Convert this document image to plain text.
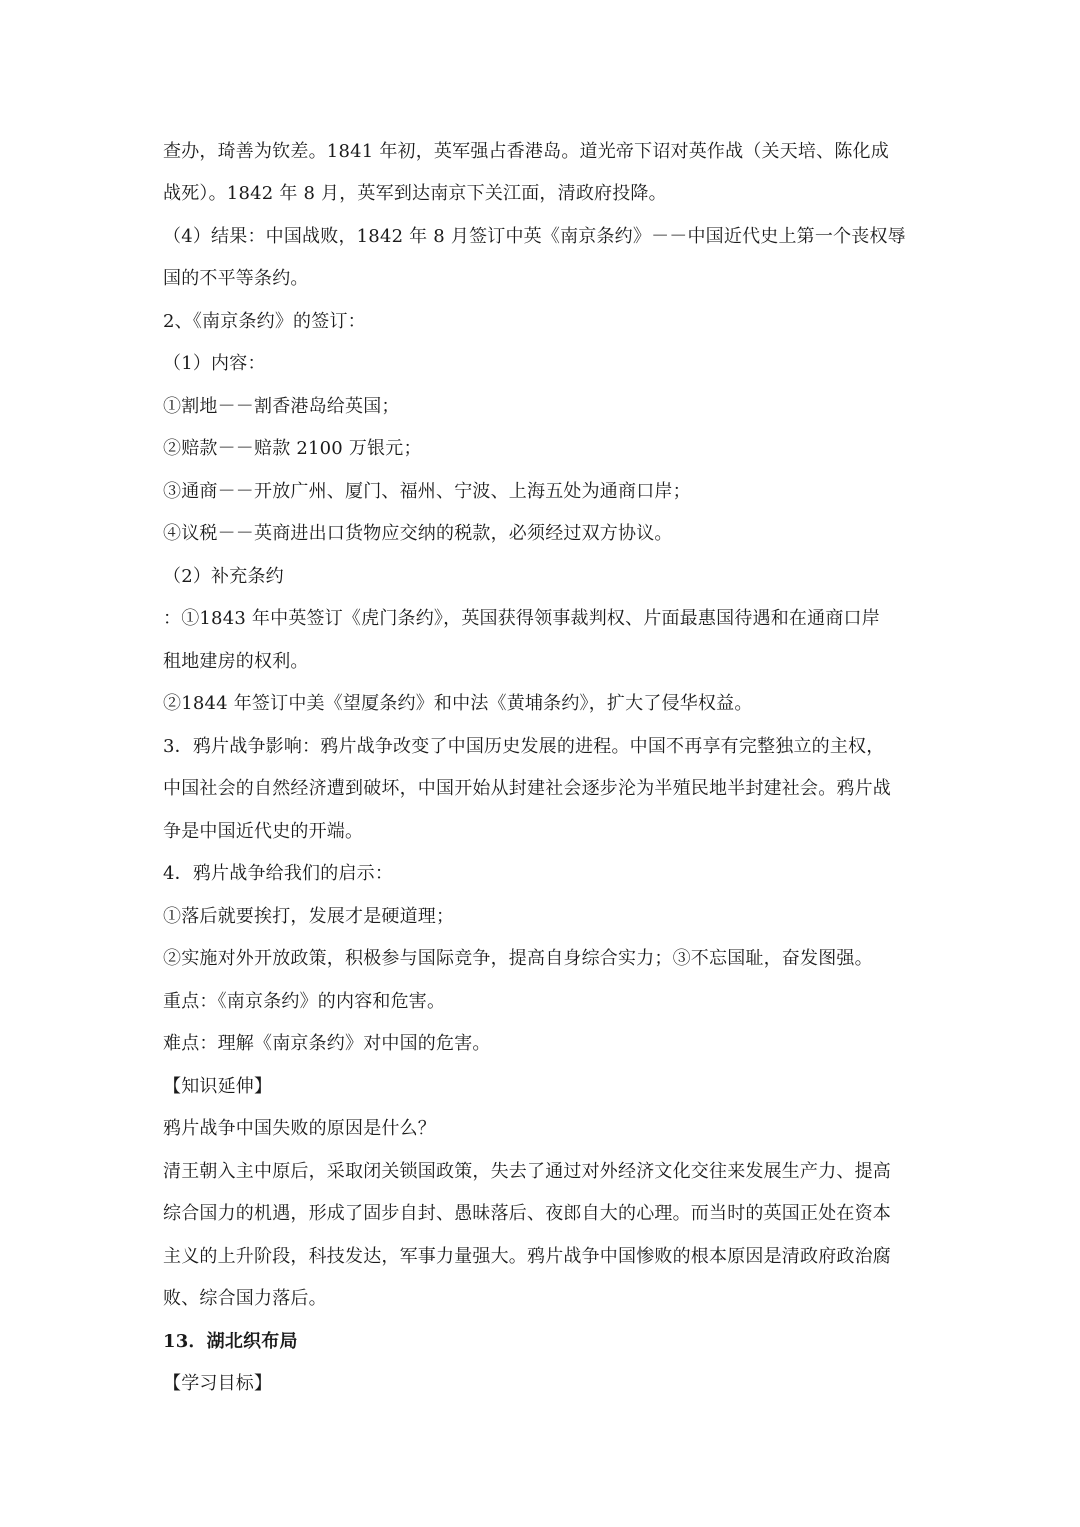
查办，琦善为钦差。1841 年初，英军强占香港岛。道光帝下诏对英作战（关天培、陈化成
战死）。1842 年 8 月，英军到达南京下关江面，清政府投降。
（4）结果：中国战败，1842 年 8 月签订中英《南京条约》－－中国近代史上第一个丧权辱
国的不平等条约。
2、《南京条约》的签订：
（1）内容：
①割地－－割香港岛给英国；
②赔款－－赔款 2100 万银元；
③通商－－开放广州、厦门、福州、宁波、上海五处为通商口岸；
④议税－－英商进出口货物应交纳的税款，必须经过双方协议。
（2）补充条约
：①1843 年中英签订《虎门条约》，英国获得领事裁判权、片面最惠国待遇和在通商口岸
租地建房的权利。
②1844 年签订中美《望厦条约》和中法《黄埔条约》，扩大了侵华权益。
3．鸦片战争影响：鸦片战争改变了中国历史发展的进程。中国不再享有完整独立的主权，
中国社会的自然经济遭到破坏，中国开始从封建社会逐步沦为半殖民地半封建社会。鸦片战
争是中国近代史的开端。
4．鸦片战争给我们的启示：
①落后就要挨打，发展才是硬道理；
②实施对外开放政策，积极参与国际竞争，提高自身综合实力；③不忘国耻，奋发图强。
重点：《南京条约》的内容和危害。
难点：理解《南京条约》对中国的危害。
【知识延伸】
鸦片战争中国失败的原因是什么？
清王朝入主中原后，采取闭关锁国政策，失去了通过对外经济文化交往来发展生产力、提高
综合国力的机遇，形成了固步自封、愚昧落后、夜郎自大的心理。而当时的英国正处在资本
主义的上升阶段，科技发达，军事力量强大。鸦片战争中国惨败的根本原因是清政府政治腐
败、综合国力落后。
13．湖北织布局
【学习目标】
